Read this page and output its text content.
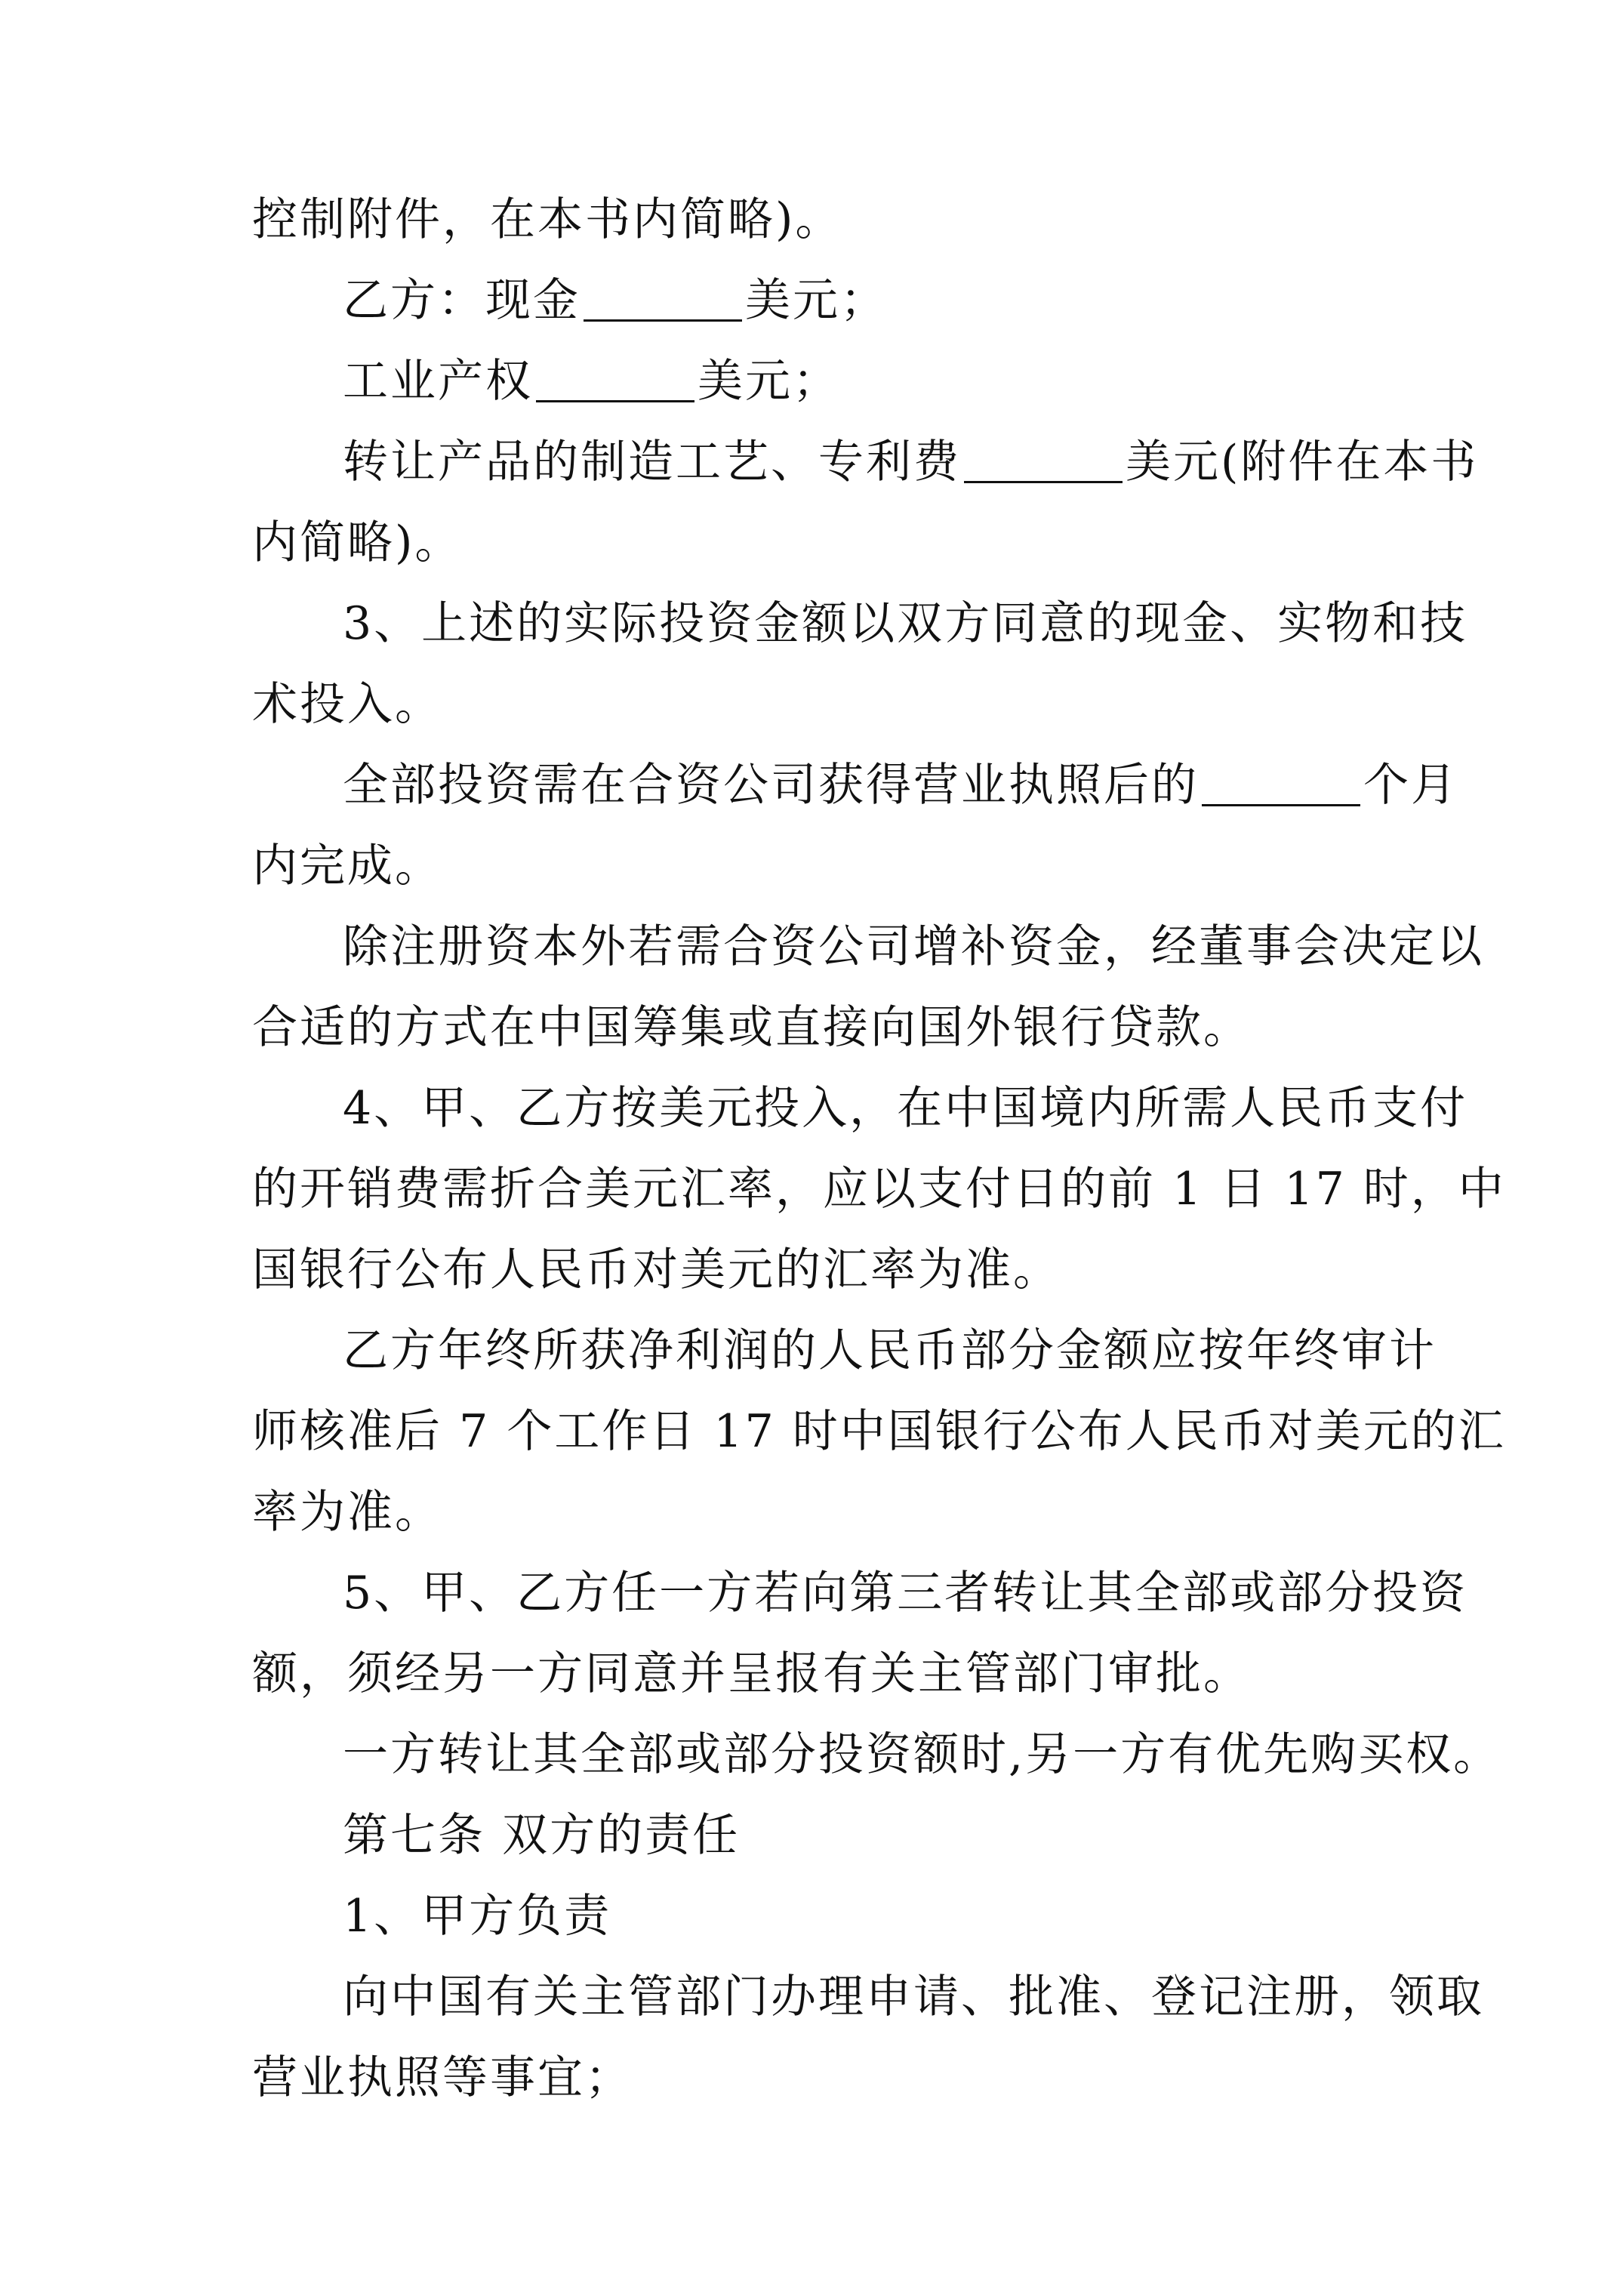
控制附件，在本书内简略)。

乙方：现金	美元；

工业产权	美元；

转让产品的制造工艺、专利费	美元(附件在本书

内简略)。

3、上述的实际投资金额以双方同意的现金、实物和技

术投入。

全部投资需在合资公司获得营业执照后的	个月

内完成。

除注册资本外若需合资公司增补资金，经董事会决定以

合适的方式在中国筹集或直接向国外银行贷款。

4、甲、乙方按美元投入，在中国境内所需人民币支付

的开销费需折合美元汇率，应以支付日的前 1 日 17 时，中

国银行公布人民币对美元的汇率为准。

乙方年终所获净利润的人民币部分金额应按年终审计

师核准后 7 个工作日 17 时中国银行公布人民币对美元的汇

率为准。

5、甲、乙方任一方若向第三者转让其全部或部分投资

额，须经另一方同意并呈报有关主管部门审批。

一方转让其全部或部分投资额时,另一方有优先购买权。

第七条 双方的责任

1、甲方负责

向中国有关主管部门办理申请、批准、登记注册，领取

营业执照等事宜；
